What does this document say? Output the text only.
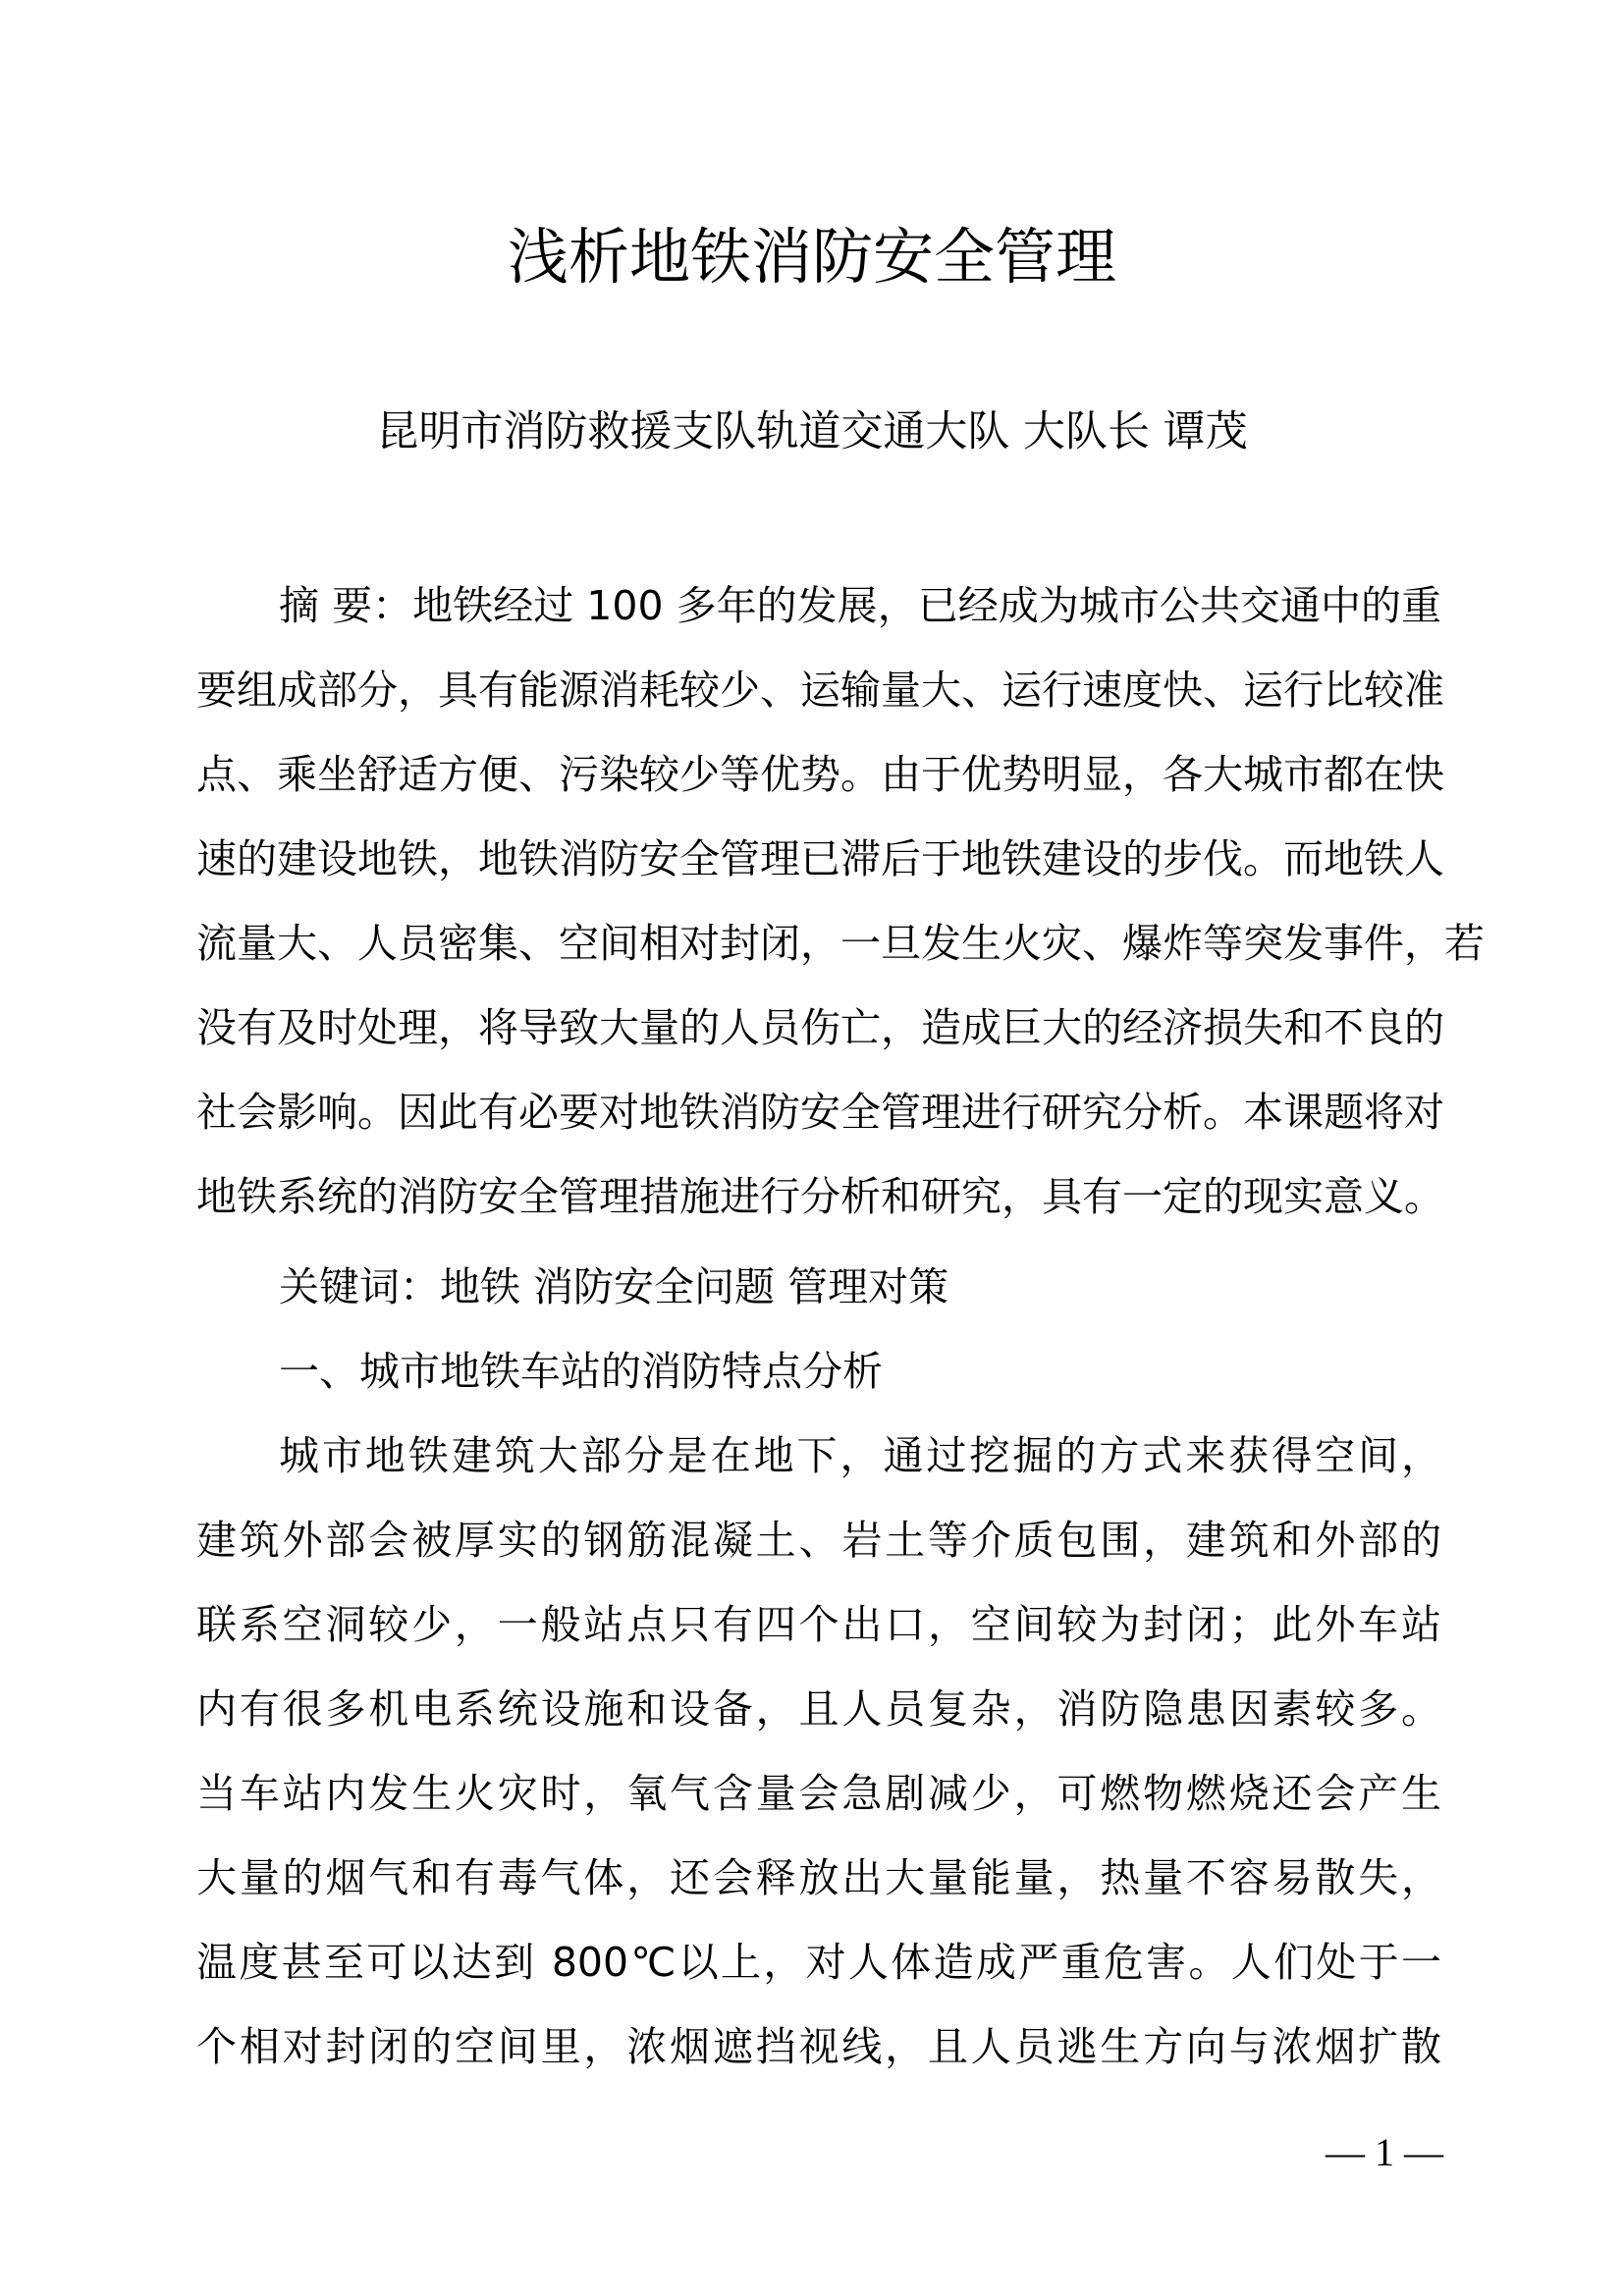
浅析地铁消防安全管理
昆明市消防救援支队轨道交通大队 大队长 谭茂
摘 要：地铁经过 100 多年的发展，已经成为城市公共交通中的重
要组成部分，具有能源消耗较少、运输量大、运行速度快、运行比较准
点、乘坐舒适方便、污染较少等优势。由于优势明显，各大城市都在快
速的建设地铁，地铁消防安全管理已滞后于地铁建设的步伐。而地铁人
流量大、人员密集、空间相对封闭，一旦发生火灾、爆炸等突发事件，若
没有及时处理，将导致大量的人员伤亡，造成巨大的经济损失和不良的
社会影响。因此有必要对地铁消防安全管理进行研究分析。本课题将对
地铁系统的消防安全管理措施进行分析和研究，具有一定的现实意义。
关键词：地铁 消防安全问题 管理对策
一、城市地铁车站的消防特点分析
城市地铁建筑大部分是在地下，通过挖掘的方式来获得空间，
建筑外部会被厚实的钢筋混凝土、岩土等介质包围，建筑和外部的
联系空洞较少，一般站点只有四个出口，空间较为封闭；此外车站
内有很多机电系统设施和设备，且人员复杂，消防隐患因素较多。
当车站内发生火灾时，氧气含量会急剧减少，可燃物燃烧还会产生
大量的烟气和有毒气体，还会释放出大量能量，热量不容易散失，
温度甚至可以达到 800℃以上，对人体造成严重危害。人们处于一
个相对封闭的空间里，浓烟遮挡视线，且人员逃生方向与浓烟扩散
— 1 —
